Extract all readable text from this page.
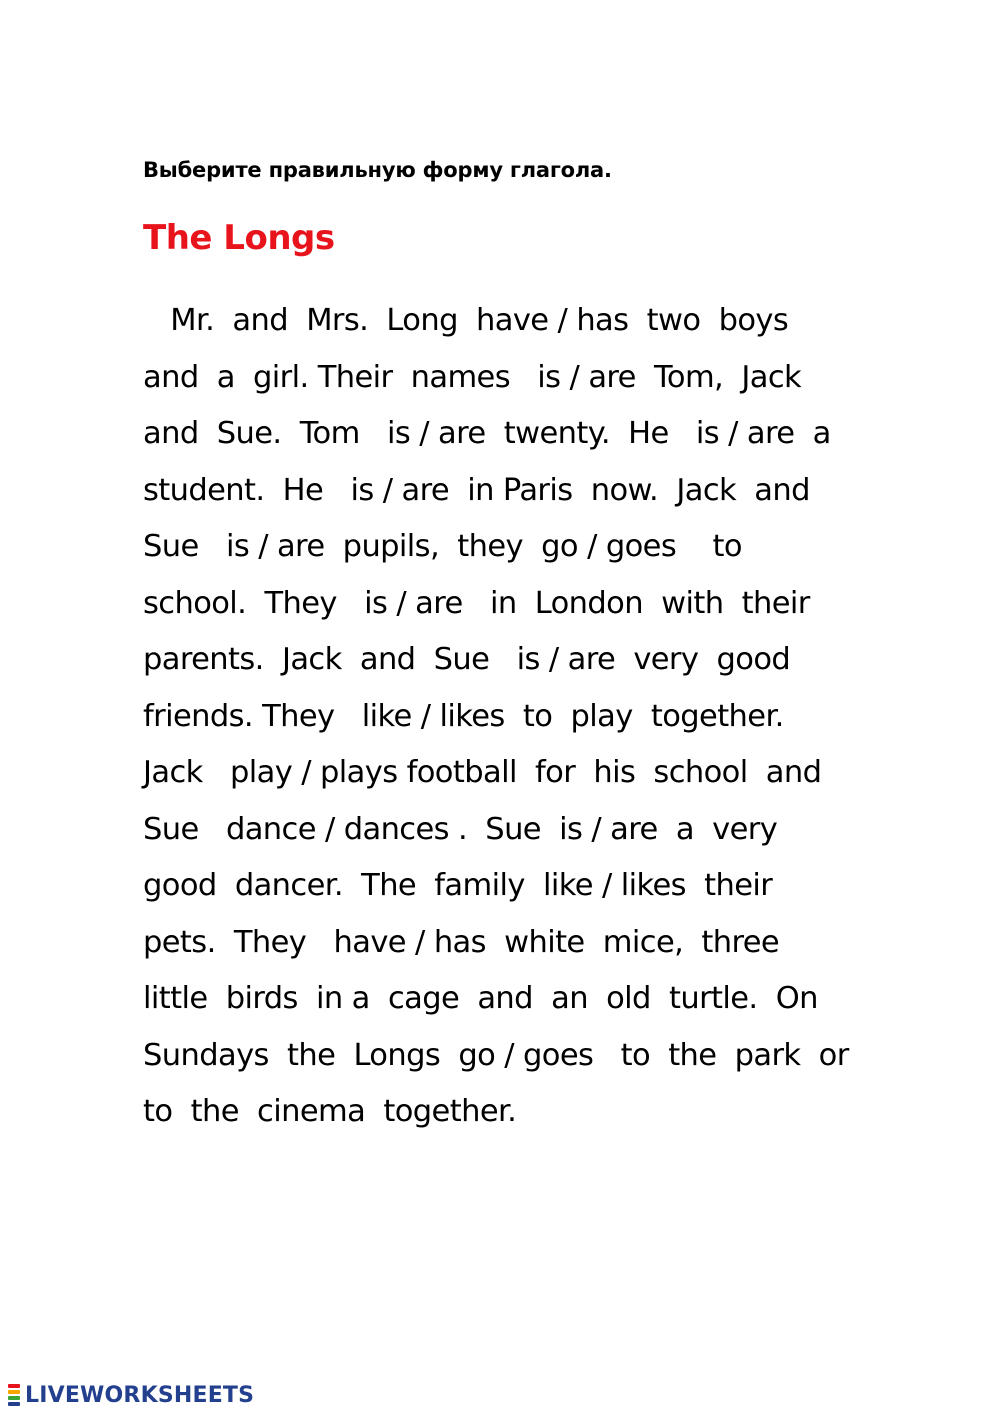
Выберите правильную форму глагола.
The Longs
Mr.  and  Mrs.  Long  have / has  two  boys
and  a  girl. Their  names   is / are  Tom,  Jack
and  Sue.  Tom   is / are  twenty.  He   is / are  a
student.  He   is / are  in Paris  now.  Jack  and
Sue   is / are  pupils,  they  go / goes    to
school.  They   is / are   in  London  with  their
parents.  Jack  and  Sue   is / are  very  good
friends. They   like / likes  to  play  together.
Jack   play / plays football  for  his  school  and
Sue   dance / dances .  Sue  is / are  a  very
good  dancer.  The  family  like / likes  their
pets.  They   have / has  white  mice,  three
little  birds  in a  cage  and  an  old  turtle.  On
Sundays  the  Longs  go / goes   to  the  park  or
to  the  cinema  together.
LIVEWORKSHEETS
